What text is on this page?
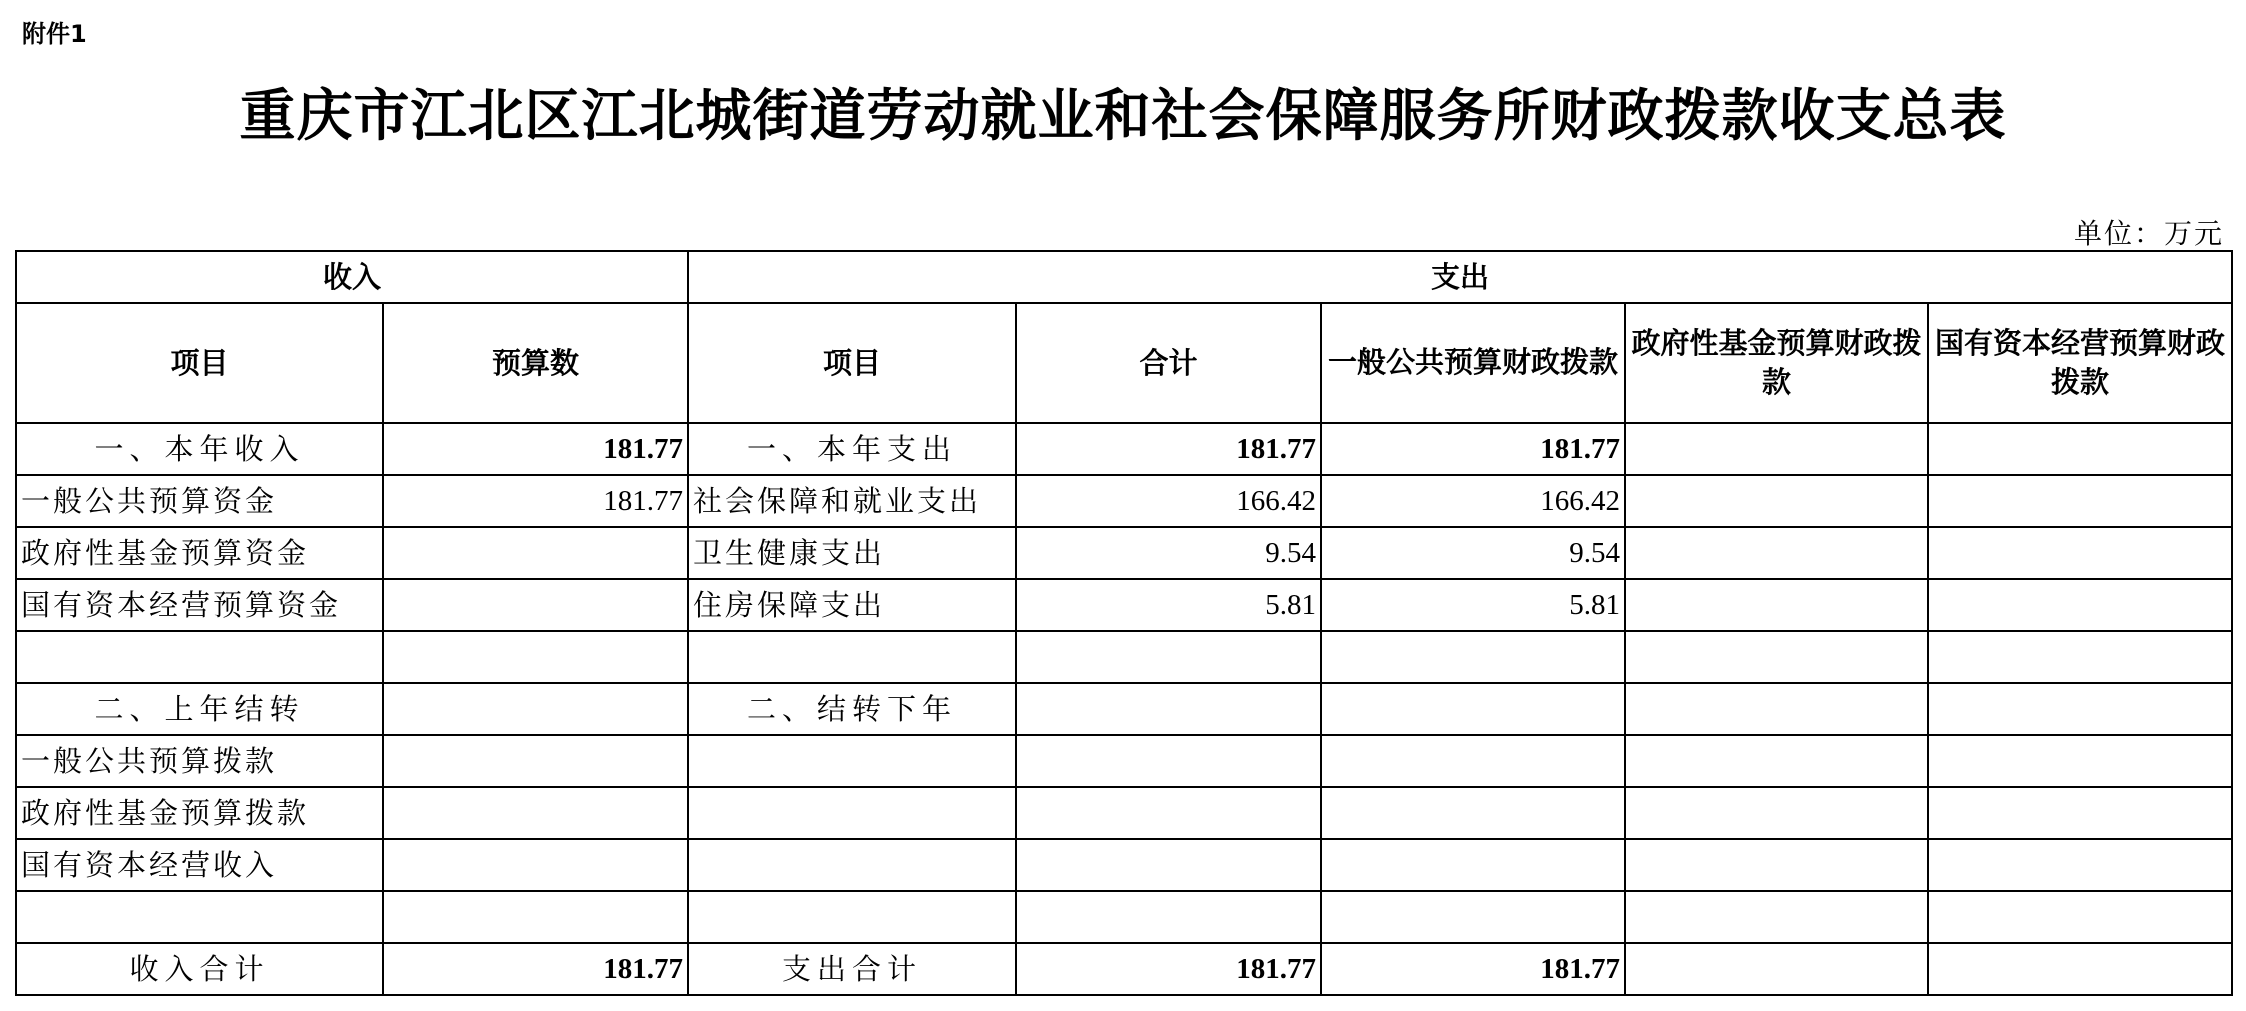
附件1
重庆市江北区江北城街道劳动就业和社会保障服务所财政拨款收支总表
单位：万元
收入		支出				
项目	预算数	项目	合计	一般公共预算财政拨款	政府性基金预算财政拨款	国有资本经营预算财政拨款
一、本年收入	181.77	一、本年支出	181.77	181.77		
一般公共预算资金	181.77	社会保障和就业支出	166.42	166.42		
政府性基金预算资金		卫生健康支出	9.54	9.54		
国有资本经营预算资金		住房保障支出	5.81	5.81		

二、上年结转		二、结转下年				
一般公共预算拨款						
政府性基金预算拨款						
国有资本经营收入						

收入合计	181.77	支出合计	181.77	181.77		
